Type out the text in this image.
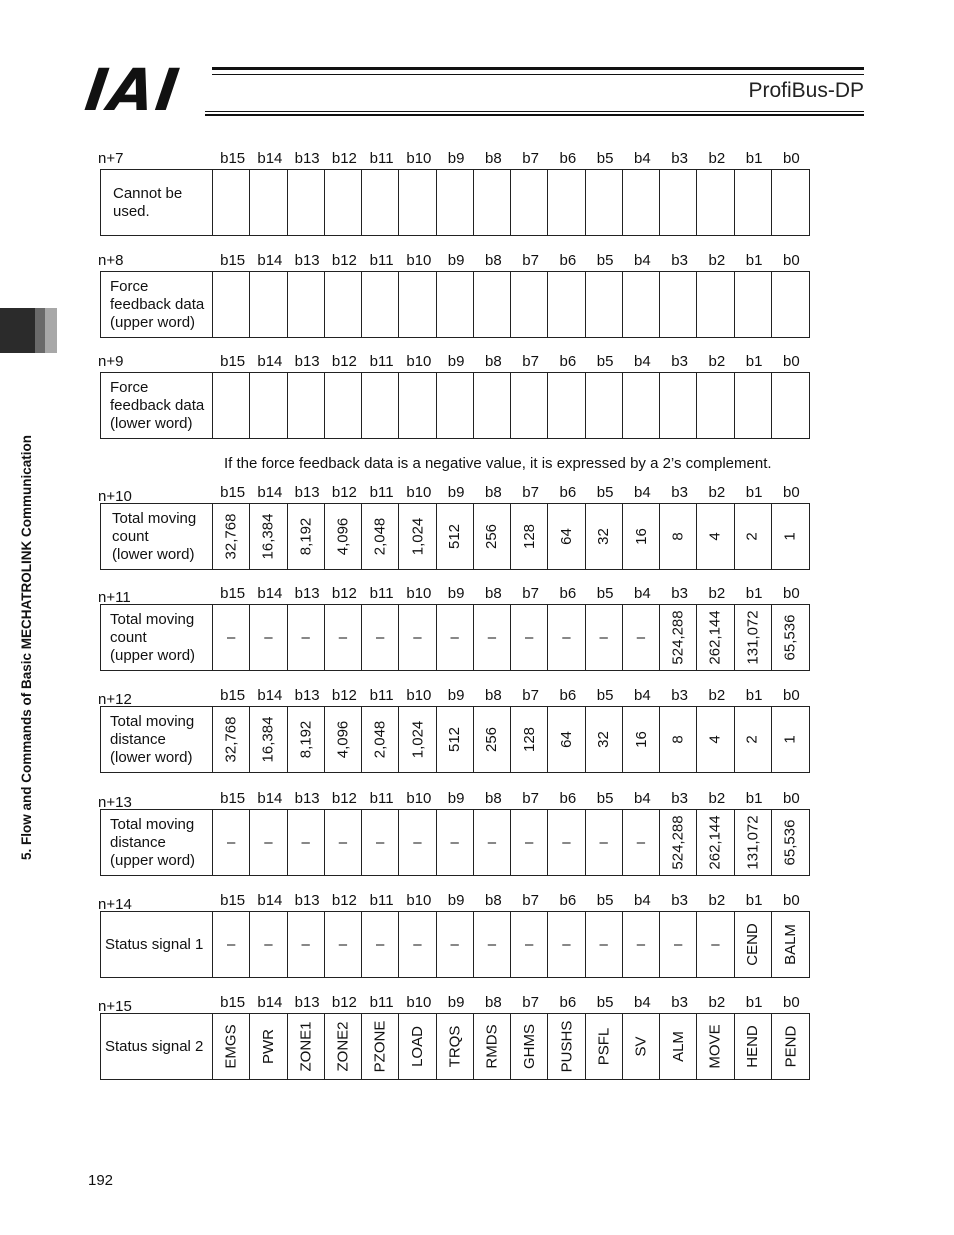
IAI	ProfiBus-DP
5. Flow and Commands of Basic MECHATROLINK Communication
n+7	b15 b14 b13 b12 b11 b10	b9	b8	b7	b6	b5	b4	b3	b2	b1	b0
Cannot be
used.
n+8	b15 b14 b13 b12 b11 b10	b9	b8	b7	b6	b5	b4	b3	b2	b1	b0
Force
feedback data
(upper word)
n+9	b15 b14 b13 b12 b11 b10	b9	b8	b7	b6	b5	b4	b3	b2	b1	b0
Force
feedback data
(lower word)
n+10	b15 b14 b13 b12 b11 b10	b9	b8	b7	b6	b5	b4	b3	b2	b1	b0
Total moving
count
(lower word) 32,768 16,384 8,192 4,096 2,048 1,024 512 256 128 64 32 16 8 4 2 1
n+11	b15 b14 b13 b12 b11 b10	b9	b8	b7	b6	b5	b4	b3	b2	b1	b0
Total moving
count
(upper word)
– – – – – – – – – – – – 524,288 262,144 131,072 65,536
n+12	b15 b14 b13 b12 b11 b10	b9	b8	b7	b6	b5	b4	b3	b2	b1	b0
Total moving
distance
(lower word) 32,768 16,384 8,192 4,096 2,048 1,024 512 256 128 64 32 16 8 4 2 1
n+13	b15 b14 b13 b12 b11 b10	b9	b8	b7	b6	b5	b4	b3	b2	b1	b0
Total moving
distance
(upper word)
– – – – – – – – – – – – 524,288 262,144 131,072 65,536
n+14	b15 b14 b13 b12 b11 b10	b9	b8	b7	b6	b5	b4	b3	b2	b1	b0
Status signal 1 – – – – – – – – – – – – – – CEND BALM
n+15	b15 b14 b13 b12 b11 b10	b9	b8	b7	b6	b5	b4	b3	b2	b1	b0
Status signal 2 EMGS PWR ZONE1 ZONE2 PZONE LOAD TRQS RMDS GHMS PUSHS PSFL SV ALM MOVE HEND PEND
If the force feedback data is a negative value, it is expressed by a 2’s complement.
192
